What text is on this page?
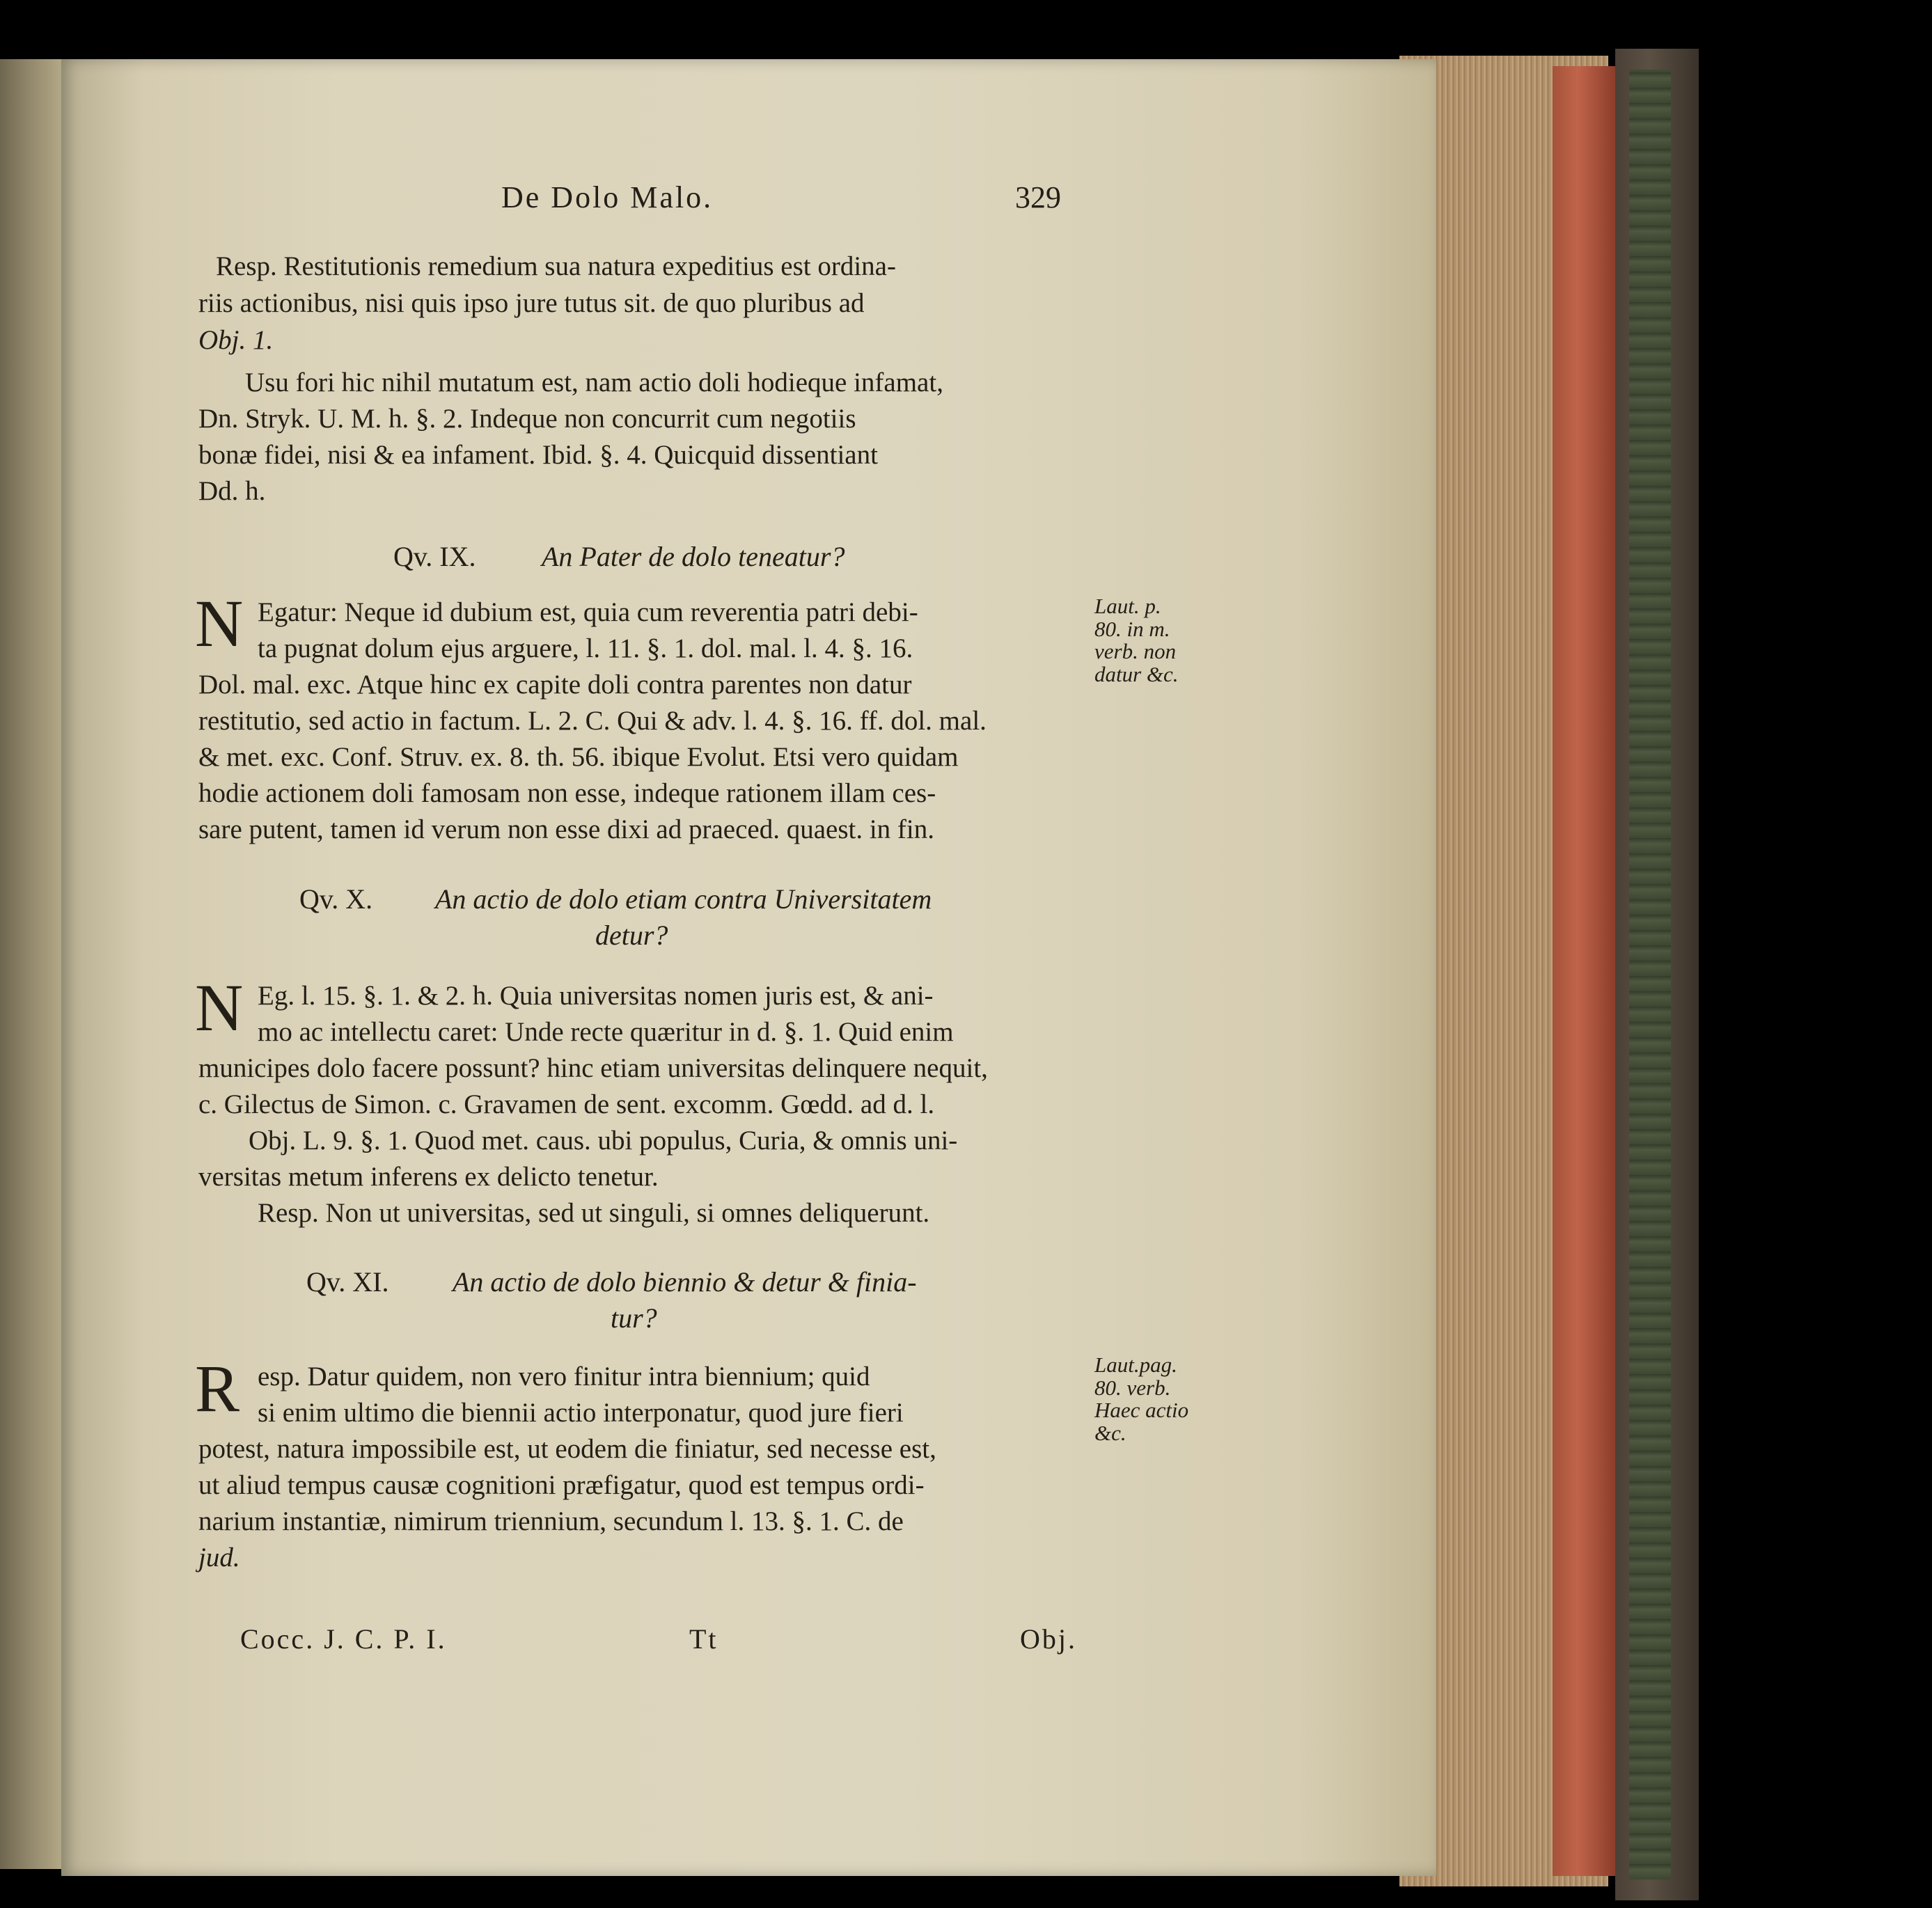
De Dolo Malo.	329
Resp. Restitutionis remedium sua natura expeditius est ordina-
riis actionibus, nisi quis ipso jure tutus sit. de quo pluribus ad
Obj. 1.
Usu fori hic nihil mutatum est, nam actio doli hodieque infamat,
Dn. Stryk. U. M. h. §. 2. Indeque non concurrit cum negotiis
bonæ fidei, nisi & ea infament. Ibid. §. 4. Quicquid dissentiant
Dd. h.
Qv. IX. An Pater de dolo teneatur?
N Egatur: Neque id dubium est, quia cum reverentia patri debi-
ta pugnat dolum ejus arguere, l. 11. §. 1. dol. mal. l. 4. §. 16.
Dol. mal. exc. Atque hinc ex capite doli contra parentes non datur
restitutio, sed actio in factum. L. 2. C. Qui & adv. l. 4. §. 16. ff. dol. mal.
& met. exc. Conf. Struv. ex. 8. th. 56. ibique Evolut. Etsi vero quidam
hodie actionem doli famosam non esse, indeque rationem illam ces-
sare putent, tamen id verum non esse dixi ad praeced. quaest. in fin.
Laut. p.
80. in m.
verb. non
datur &c.
Qv. X. An actio de dolo etiam contra Universitatem
detur?
N Eg. l. 15. §. 1. & 2. h. Quia universitas nomen juris est, & ani-
mo ac intellectu caret: Unde recte quæritur in d. §. 1. Quid enim
municipes dolo facere possunt? hinc etiam universitas delinquere nequit,
c. Gilectus de Simon. c. Gravamen de sent. excomm. Gœdd. ad d. l.
Obj. L. 9. §. 1. Quod met. caus. ubi populus, Curia, & omnis uni-
versitas metum inferens ex delicto tenetur.
Resp. Non ut universitas, sed ut singuli, si omnes deliquerunt.
Qv. XI. An actio de dolo biennio & detur & finia-
tur?
R esp. Datur quidem, non vero finitur intra biennium; quid
si enim ultimo die biennii actio interponatur, quod jure fieri
potest, natura impossibile est, ut eodem die finiatur, sed necesse est,
ut aliud tempus causæ cognitioni præfigatur, quod est tempus ordi-
narium instantiæ, nimirum triennium, secundum l. 13. §. 1. C. de
jud.
Laut.pag.
80. verb.
Haec actio
&c.
Cocc. J. C. P. I.	Tt	Obj.
